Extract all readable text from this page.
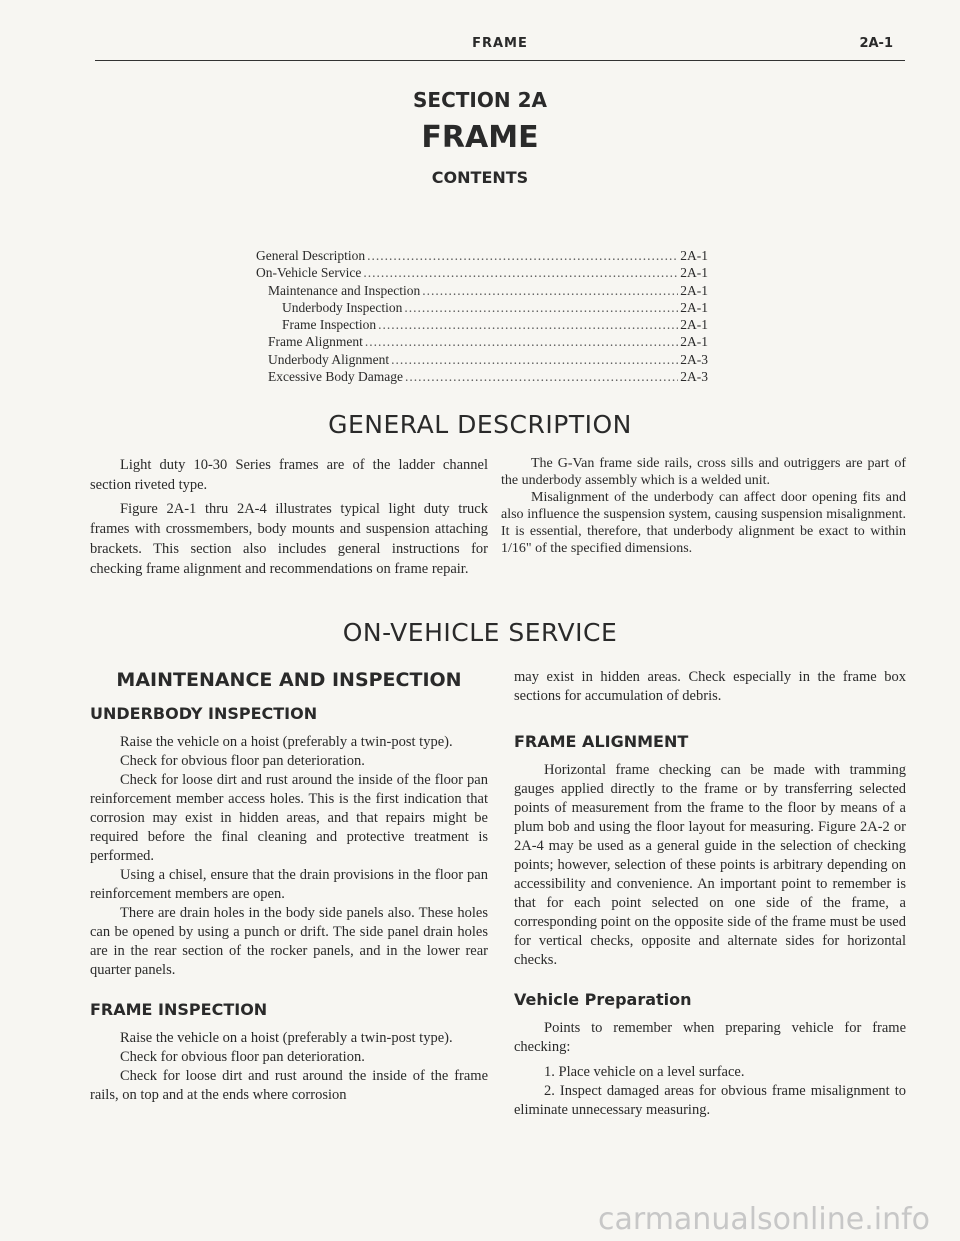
FRAME	2A-1
SECTION 2A
FRAME
CONTENTS
General Description .....	2A-1
On-Vehicle Service .....	2A-1
Maintenance and Inspection .....	2A-1
Underbody Inspection .....	2A-1
Frame Inspection .....	2A-1
Frame Alignment .....	2A-1
Underbody Alignment .....	2A-3
Excessive Body Damage .....	2A-3
GENERAL DESCRIPTION

Light duty 10-30 Series frames are of the ladder channel section riveted type.

Figure 2A-1 thru 2A-4 illustrates typical light duty truck frames with crossmembers, body mounts and suspension attaching brackets. This section also includes general instructions for checking frame alignment and recommendations on frame repair.

The G-Van frame side rails, cross sills and outriggers are part of the underbody assembly which is a welded unit.

Misalignment of the underbody can affect door opening fits and also influence the suspension system, causing suspension misalignment. It is essential, therefore, that underbody alignment be exact to within 1/16" of the specified dimensions.

ON-VEHICLE SERVICE
MAINTENANCE AND INSPECTION
UNDERBODY INSPECTION

Raise the vehicle on a hoist (preferably a twin-post type).

Check for obvious floor pan deterioration.

Check for loose dirt and rust around the inside of the floor pan reinforcement member access holes. This is the first indication that corrosion may exist in hidden areas, and that repairs might be required before the final cleaning and protective treatment is performed.

Using a chisel, ensure that the drain provisions in the floor pan reinforcement members are open.

There are drain holes in the body side panels also. These holes can be opened by using a punch or drift. The side panel drain holes are in the rear section of the rocker panels, and in the lower rear quarter panels.

FRAME INSPECTION

Raise the vehicle on a hoist (preferably a twin-post type).

Check for obvious floor pan deterioration.

Check for loose dirt and rust around the inside of the frame rails, on top and at the ends where corrosion

may exist in hidden areas. Check especially in the frame box sections for accumulation of debris.

FRAME ALIGNMENT

Horizontal frame checking can be made with tramming gauges applied directly to the frame or by transferring selected points of measurement from the frame to the floor by means of a plum bob and using the floor layout for measuring. Figure 2A-2 or 2A-4 may be used as a general guide in the selection of checking points; however, selection of these points is arbitrary depending on accessibility and convenience. An important point to remember is that for each point selected on one side of the frame, a corresponding point on the opposite side of the frame must be used for vertical checks, opposite and alternate sides for horizontal checks.

Vehicle Preparation

Points to remember when preparing vehicle for frame checking:

1. Place vehicle on a level surface.

2. Inspect damaged areas for obvious frame misalignment to eliminate unnecessary measuring.

carmanualsonline.info
